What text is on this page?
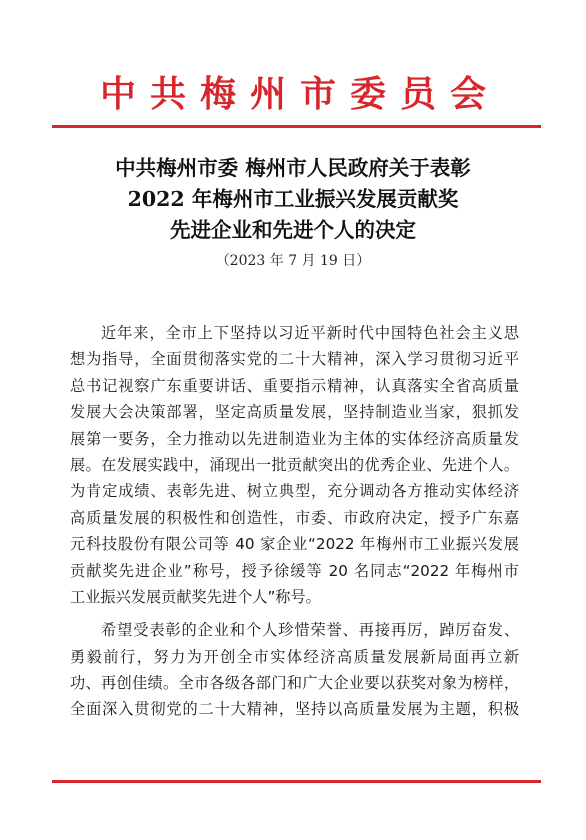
中共梅州市委员会
中共梅州市委 梅州市人民政府关于表彰
2022 年梅州市工业振兴发展贡献奖
先进企业和先进个人的决定
（2023 年 7 月 19 日）
近年来，全市上下坚持以习近平新时代中国特色社会主义思
想为指导，全面贯彻落实党的二十大精神，深入学习贯彻习近平
总书记视察广东重要讲话、重要指示精神，认真落实全省高质量
发展大会决策部署，坚定高质量发展，坚持制造业当家，狠抓发
展第一要务，全力推动以先进制造业为主体的实体经济高质量发
展。在发展实践中，涌现出一批贡献突出的优秀企业、先进个人。
为肯定成绩、表彰先进、树立典型，充分调动各方推动实体经济
高质量发展的积极性和创造性，市委、市政府决定，授予广东嘉
元科技股份有限公司等 40 家企业“2022 年梅州市工业振兴发展
贡献奖先进企业”称号，授予徐缓等 20 名同志“2022 年梅州市
工业振兴发展贡献奖先进个人”称号。
希望受表彰的企业和个人珍惜荣誉、再接再厉，踔厉奋发、
勇毅前行，努力为开创全市实体经济高质量发展新局面再立新
功、再创佳绩。全市各级各部门和广大企业要以获奖对象为榜样，
全面深入贯彻党的二十大精神，坚持以高质量发展为主题，积极
